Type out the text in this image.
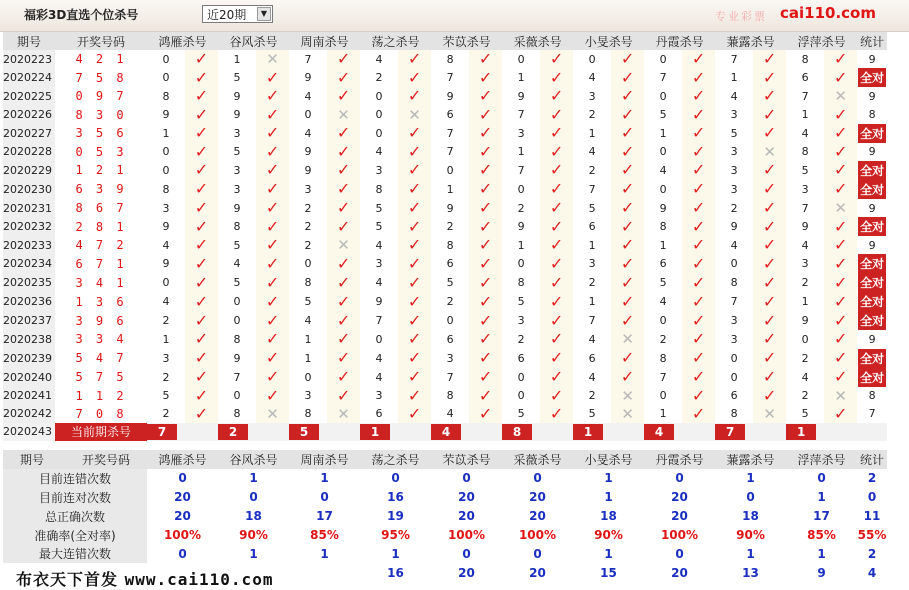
福彩3D直选个位杀号	近20期	▼	专业彩票 cai110.com
期号	开奖号码	鸿雁杀号		谷风杀号		周南杀号		荡之杀号		芣苡杀号		采薇杀号		小旻杀号		丹霞杀号		蒹露杀号		浮萍杀号		统计
2020223	4 2 1	0	✓	1	✕	7	✓	4	✓	8	✓	0	✓	0	✓	0	✓	7	✓	8	✓	9
2020224	7 5 8	0	✓	5	✓	9	✓	2	✓	7	✓	1	✓	4	✓	7	✓	1	✓	6	✓	全对
2020225	0 9 7	8	✓	9	✓	4	✓	0	✓	9	✓	9	✓	3	✓	0	✓	4	✓	7	✕	9
2020226	8 3 0	9	✓	9	✓	0	✕	0	✕	6	✓	7	✓	2	✓	5	✓	3	✓	1	✓	8
2020227	3 5 6	1	✓	3	✓	4	✓	0	✓	7	✓	3	✓	1	✓	1	✓	5	✓	4	✓	全对
2020228	0 5 3	0	✓	5	✓	9	✓	4	✓	7	✓	1	✓	4	✓	0	✓	3	✕	8	✓	9
2020229	1 2 1	0	✓	3	✓	9	✓	3	✓	0	✓	7	✓	2	✓	4	✓	3	✓	5	✓	全对
2020230	6 3 9	8	✓	3	✓	3	✓	8	✓	1	✓	0	✓	7	✓	0	✓	3	✓	3	✓	全对
2020231	8 6 7	3	✓	9	✓	2	✓	5	✓	9	✓	2	✓	5	✓	9	✓	2	✓	7	✕	9
2020232	2 8 1	9	✓	8	✓	2	✓	5	✓	2	✓	9	✓	6	✓	8	✓	9	✓	9	✓	全对
2020233	4 7 2	4	✓	5	✓	2	✕	4	✓	8	✓	1	✓	1	✓	1	✓	4	✓	4	✓	9
2020234	6 7 1	9	✓	4	✓	0	✓	3	✓	6	✓	0	✓	3	✓	6	✓	0	✓	3	✓	全对
2020235	3 4 1	0	✓	5	✓	8	✓	4	✓	5	✓	8	✓	2	✓	5	✓	8	✓	2	✓	全对
2020236	1 3 6	4	✓	0	✓	5	✓	9	✓	2	✓	5	✓	1	✓	4	✓	7	✓	1	✓	全对
2020237	3 9 6	2	✓	0	✓	4	✓	7	✓	0	✓	3	✓	7	✓	0	✓	3	✓	9	✓	全对
2020238	3 3 4	1	✓	8	✓	1	✓	0	✓	6	✓	2	✓	4	✕	2	✓	3	✓	0	✓	9
2020239	5 4 7	3	✓	9	✓	1	✓	4	✓	3	✓	6	✓	6	✓	8	✓	0	✓	2	✓	全对
2020240	5 7 5	2	✓	7	✓	0	✓	4	✓	7	✓	0	✓	4	✓	7	✓	0	✓	4	✓	全对
2020241	1 1 2	5	✓	0	✓	3	✓	3	✓	8	✓	0	✓	2	✕	0	✓	6	✓	2	✕	8
2020242	7 0 8	2	✓	8	✕	8	✕	6	✓	4	✓	5	✓	5	✕	1	✓	8	✕	5	✓	7
2020243	当前期杀号	7		2		5		1		4		8		1		4		7		1		
期号 开奖号码	鸿雁杀号	谷风杀号	周南杀号	荡之杀号	芣苡杀号	采薇杀号	小旻杀号	丹霞杀号	蒹露杀号	浮萍杀号	统计
目前连错次数	0	1	1	0	0	0	1	0	1	0	2
目前连对次数	20	0	0	16	20	20	1	20	0	1	0
总正确次数	20	18	17	19	20	20	18	20	18	17	11
准确率(全对率)	100%	90%	85%	95%	100%	100%	90%	100%	90%	85%	55%
最大连错次数	0	1	1	1	0	0	1	0	1	1	2
				16	20	20	15	20	13	9	4
布衣天下首发 www.cai110.com
